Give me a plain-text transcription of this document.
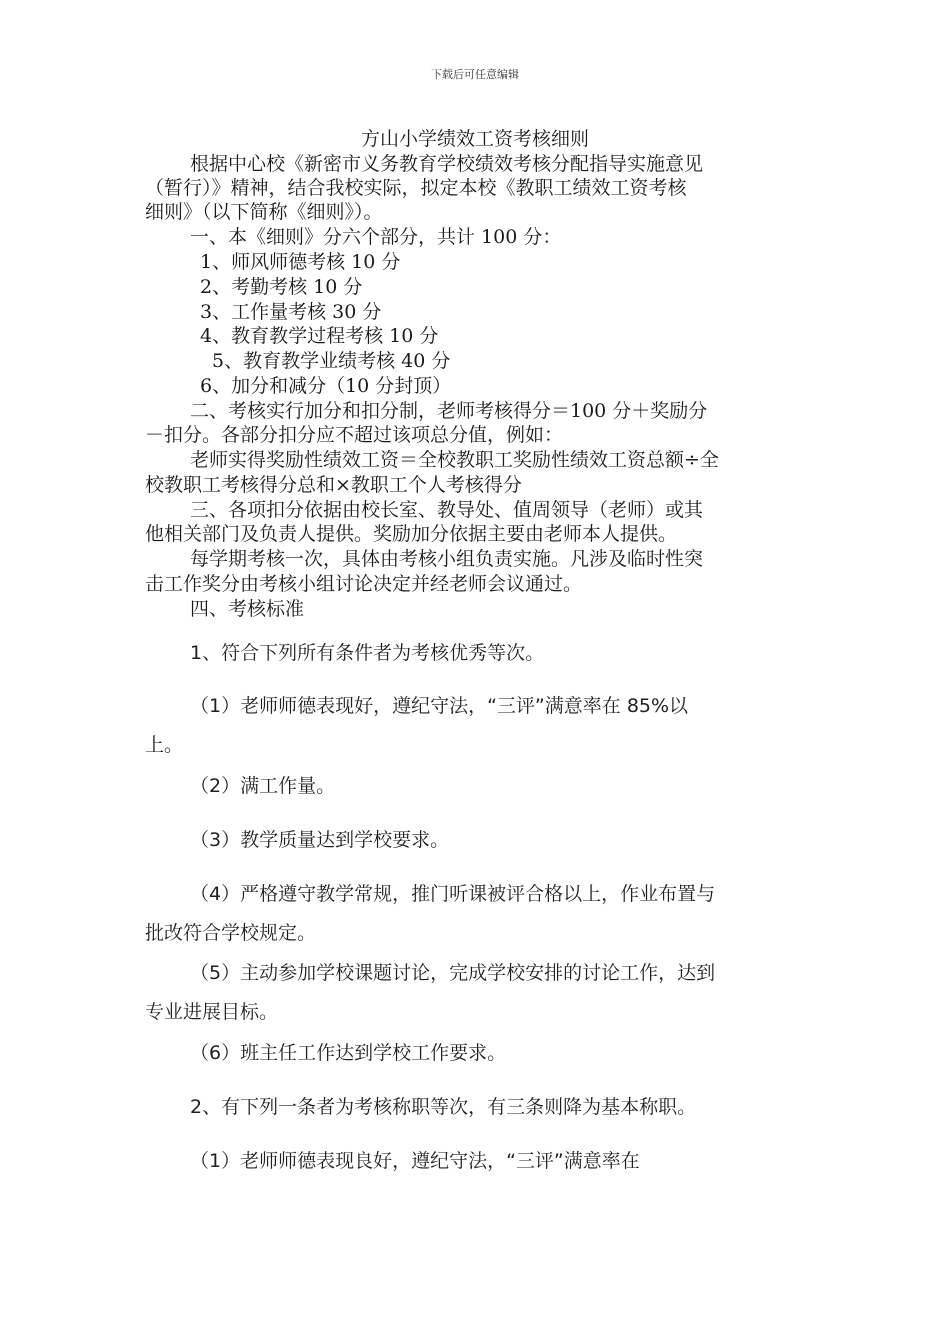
下载后可任意编辑
方山小学绩效工资考核细则
根据中心校《新密市义务教育学校绩效考核分配指导实施意见
（暂行）》精神，结合我校实际，拟定本校《教职工绩效工资考核
细则》（以下简称《细则》）。
一、本《细则》分六个部分，共计 100 分：
1、师风师德考核 10 分
2、考勤考核 10 分
3、工作量考核 30 分
4、教育教学过程考核 10 分
5、教育教学业绩考核 40 分
6、加分和减分（10 分封顶）
二、考核实行加分和扣分制，老师考核得分＝100 分＋奖励分
－扣分。各部分扣分应不超过该项总分值，例如：
老师实得奖励性绩效工资＝全校教职工奖励性绩效工资总额÷全
校教职工考核得分总和×教职工个人考核得分
三、各项扣分依据由校长室、教导处、值周领导（老师）或其
他相关部门及负责人提供。奖励加分依据主要由老师本人提供。
每学期考核一次，具体由考核小组负责实施。凡涉及临时性突
击工作奖分由考核小组讨论决定并经老师会议通过。
四、考核标准
1、符合下列所有条件者为考核优秀等次。
（1）老师师德表现好，遵纪守法，“三评”满意率在 85%以
上。
（2）满工作量。
（3）教学质量达到学校要求。
（4）严格遵守教学常规，推门听课被评合格以上，作业布置与
批改符合学校规定。
（5）主动参加学校课题讨论，完成学校安排的讨论工作，达到
专业进展目标。
（6）班主任工作达到学校工作要求。
2、有下列一条者为考核称职等次，有三条则降为基本称职。
（1）老师师德表现良好，遵纪守法，“三评”满意率在
